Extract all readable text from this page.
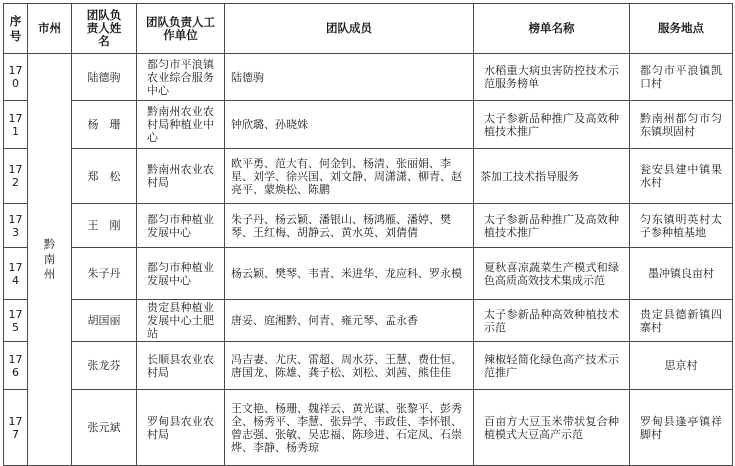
序号	市州	团队负责人姓名	团队负责人工作单位	团队成员	榜单名称	服务地点
170	黔南州	陆德驹	都匀市平浪镇农业综合服务中心	陆德驹	水稻重大病虫害防控技术示范服务榜单	都匀市平浪镇凯口村
171		杨　珊	黔南州农业农村局种植业中心	钟欣璐、孙晓姝	太子参新品种推广及高效种植技术推广	黔南州都匀市匀东镇坝固村
172		郑　松	黔南州农业农村局	欧平勇、范大有、何金钊、杨清、张丽娟、李星、刘学、徐兴国、刘文静、周潇潇、柳青、赵亮平、蒙焕松、陈鹏	茶加工技术指导服务	瓮安县建中镇果水村
173		王　刚	都匀市种植业发展中心	朱子丹、杨云颖、潘银山、杨鸿雁、潘婷、樊琴、王红梅、胡静云、黄水英、刘倩倩	太子参新品种推广及高效种植技术推广	匀东镇明英村太子参种植基地
174		朱子丹	都匀市种植业发展中心	杨云颖、樊琴、韦青、米进华、龙应科、罗永模	夏秋喜凉蔬菜生产模式和绿色高质高效技术集成示范	墨冲镇良亩村
175		胡国丽	贵定县种植业发展中心土肥站	唐妥、庭湘黔、何青、雍元琴、孟永香	太子参新品种高效种植技术示范	贵定县德新镇四寨村
176		张龙芬	长顺县农业农村局	冯吉妻、尤庆、雷超、周水芬、王慧、费仕恒、唐国龙、陈雄、龚子松、刘松、刘茜、熊佳佳	辣椒轻简化绿色高产技术示范推广	思京村
177		张元斌	罗甸县农业农村局	王文艳、杨珊、魏祥云、黄光谋、张黎平、彭秀全、杨秀平、李慧、张异学、韦政佳、李怀银、曾志强、张敏、吴忠福、陈珍进、石定凤、石崇烨、李静、杨秀琼	百亩方大豆玉米带状复合种植模式大豆高产示范	罗甸县逢亭镇祥脚村
